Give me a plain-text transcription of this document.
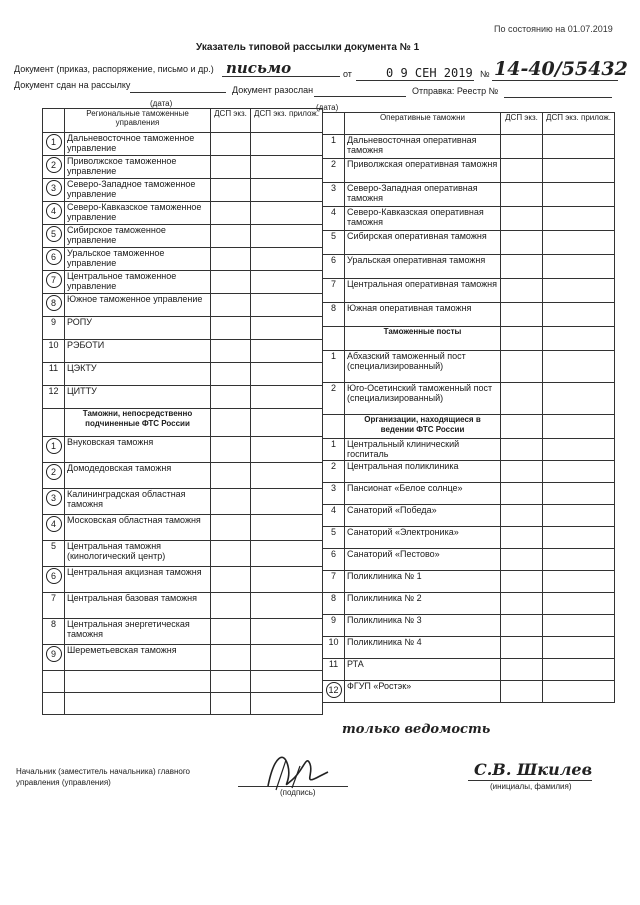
По состоянию на 01.07.2019
Указатель типовой рассылки документа № 1
Документ (приказ, распоряжение, письмо и др.) письмо	от	0 9 СЕН 2019 № 14-40/55432
Документ сдан на рассылку	Документ разослан	Отправка: Реестр №
(дата)	(дата)
	Региональные таможенные управления	ДСП экз.	ДСП экз. прилож.
1	Дальневосточное таможенное управление		
2	Приволжское таможенное управление		
3	Северо-Западное таможенное управление		
4	Северо-Кавказское таможенное управление		
5	Сибирское таможенное управление		
6	Уральское таможенное управление		
7	Центральное таможенное управление		
8	Южное таможенное управление		
9	РОПУ		
10	РЭБОТИ		
11	ЦЭКТУ		
12	ЦИТТУ		
	Таможни, непосредственно подчиненные ФТС России		
1	Внуковская таможня		
2	Домодедовская таможня		
3	Калининградская областная таможня		
4	Московская областная таможня		
5	Центральная таможня (кинологический центр)		
6	Центральная акцизная таможня		
7	Центральная базовая таможня		
8	Центральная энергетическая таможня		
9	Шереметьевская таможня		

	Оперативные таможни	ДСП экз.	ДСП экз. прилож.
1	Дальневосточная оперативная таможня		
2	Приволжская оперативная таможня		
3	Северо-Западная оперативная таможня		
4	Северо-Кавказская оперативная таможня		
5	Сибирская оперативная таможня		
6	Уральская оперативная таможня		
7	Центральная оперативная таможня		
8	Южная оперативная таможня		
	Таможенные посты		
1	Абхазский таможенный пост (специализированный)		
2	Юго-Осетинский таможенный пост (специализированный)		
	Организации, находящиеся в ведении ФТС России		
1	Центральный клинический госпиталь		
2	Центральная поликлиника		
3	Пансионат «Белое солнце»		
4	Санаторий «Победа»		
5	Санаторий «Электроника»		
6	Санаторий «Пестово»		
7	Поликлиника № 1		
8	Поликлиника № 2		
9	Поликлиника № 3		
10	Поликлиника № 4		
11	РТА		
12	ФГУП «Ростэк»		
только ведомость
Начальник (заместитель начальника) главного управления (управления)
(подпись)
С.В. Шкилев
(инициалы, фамилия)
